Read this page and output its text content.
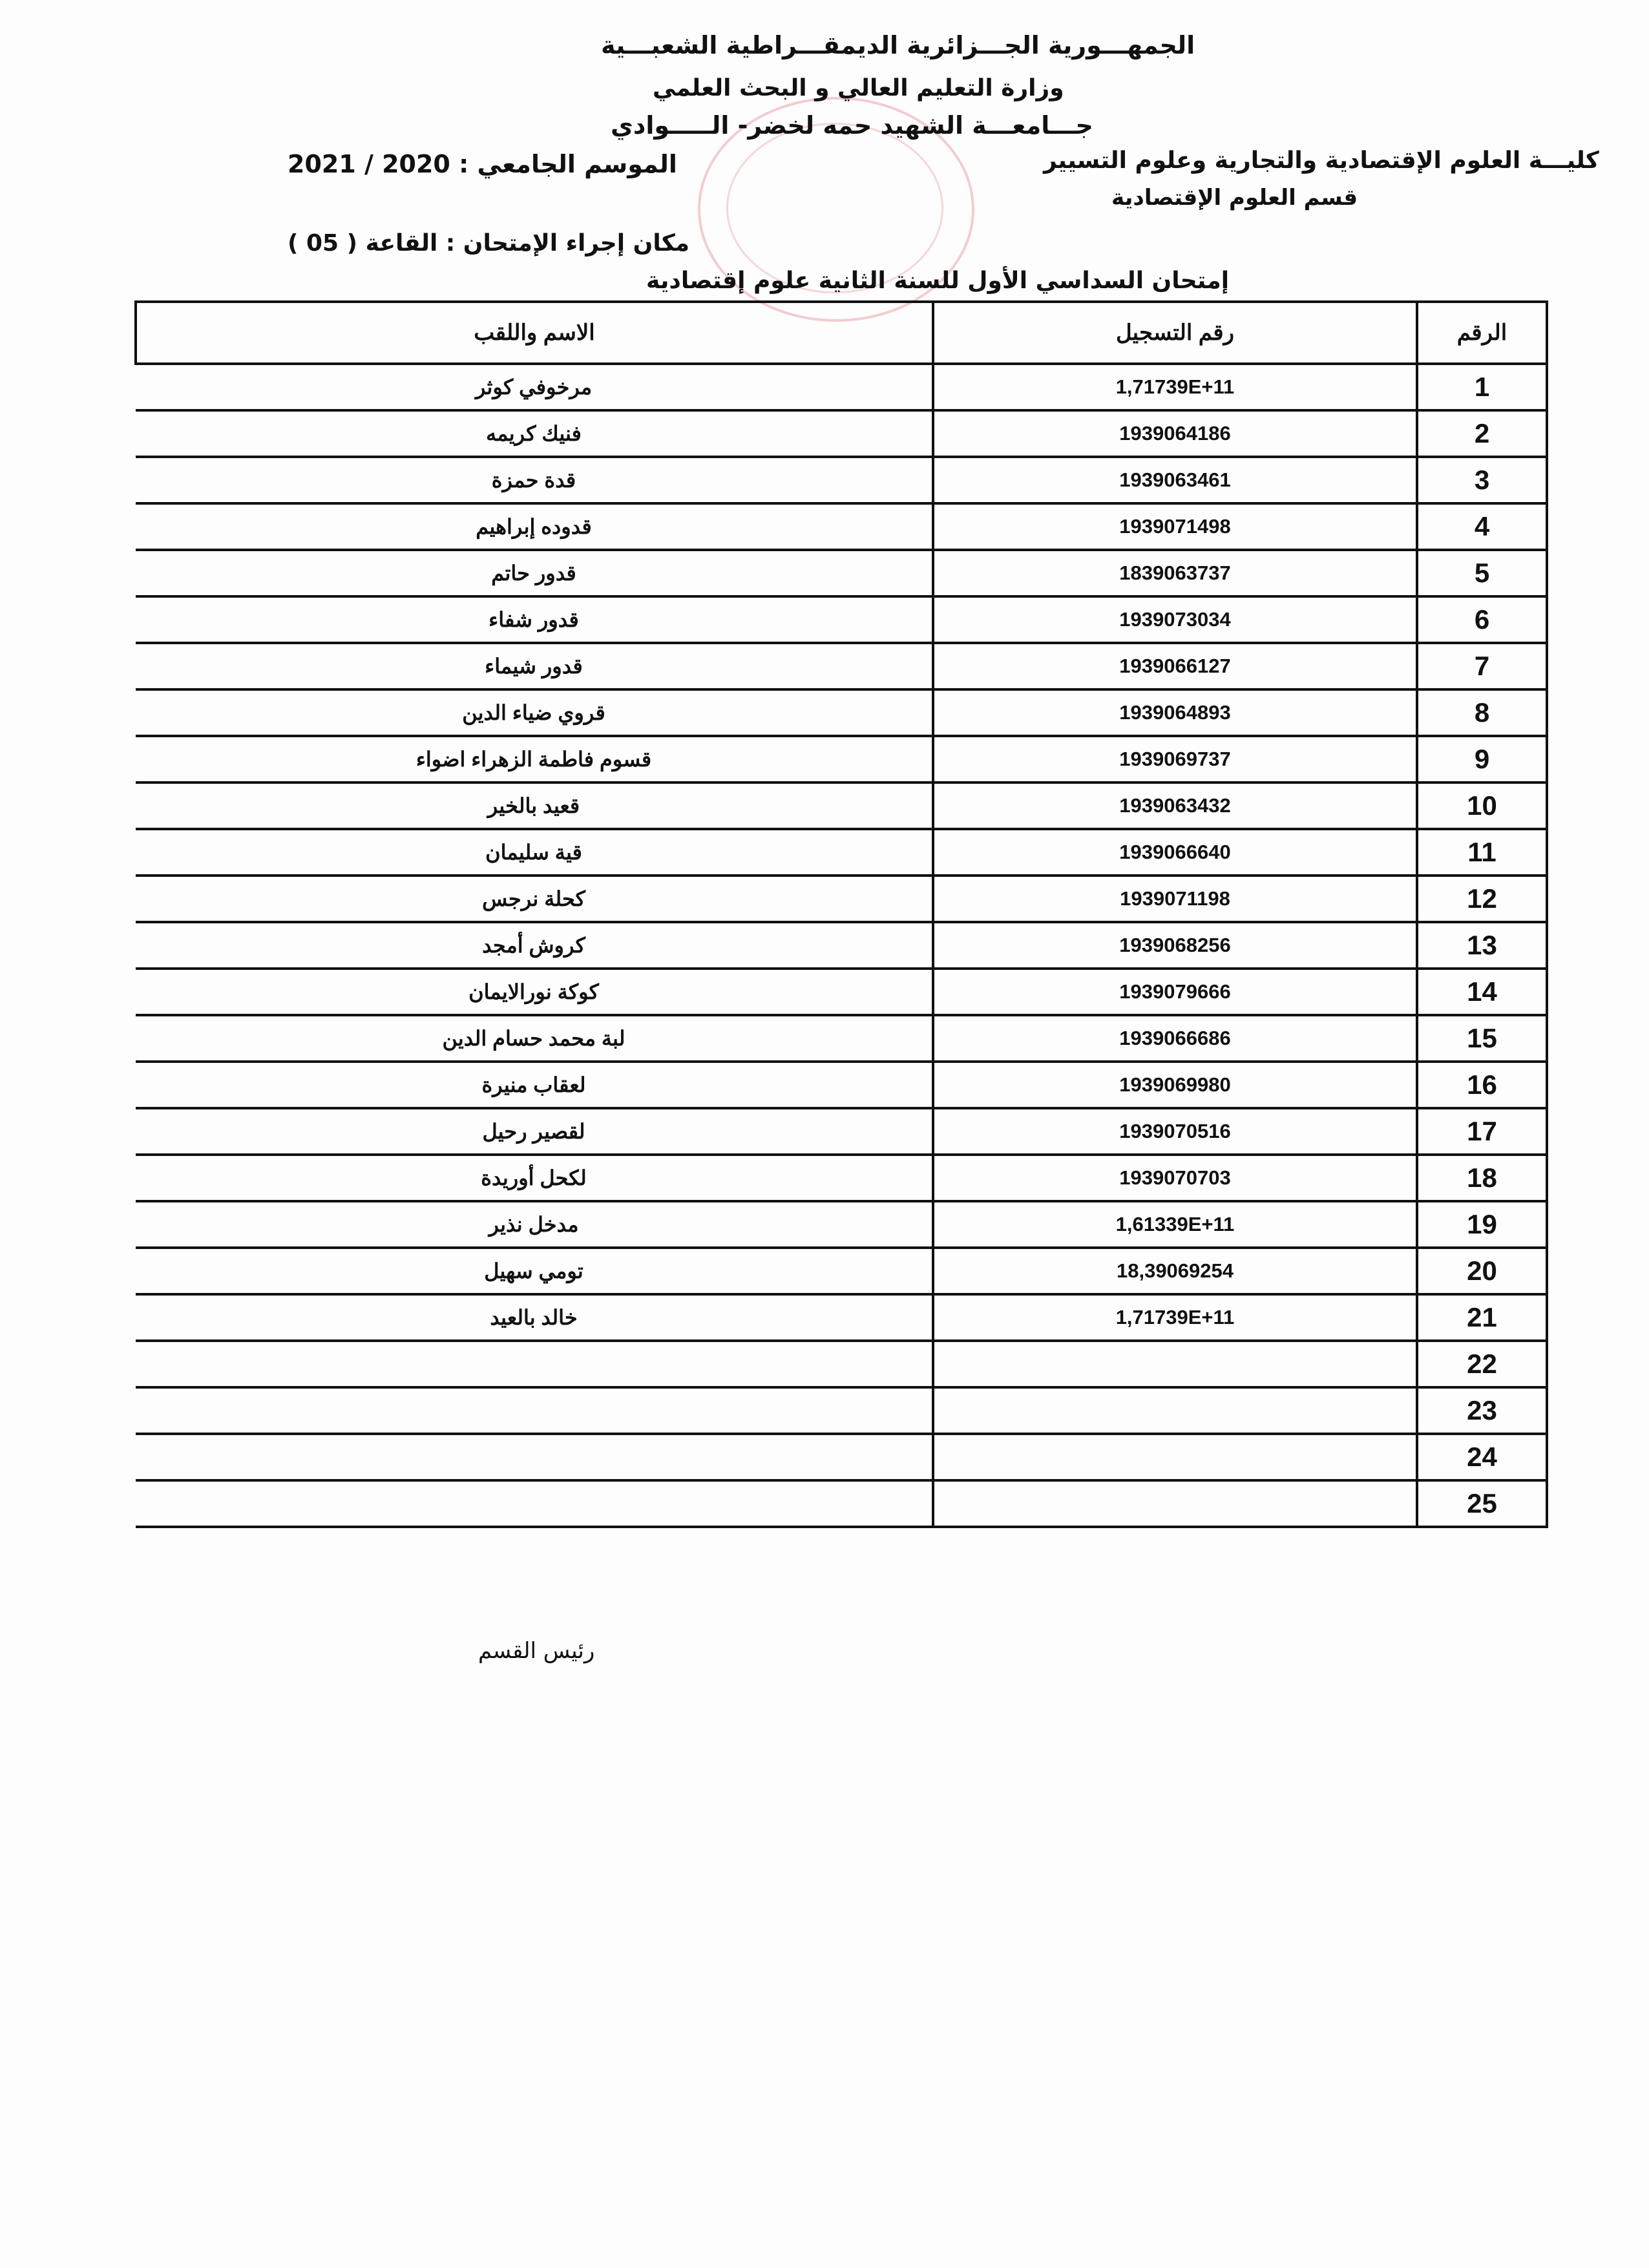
الجمهـــورية الجـــزائرية الديمقـــراطية الشعبـــية
وزارة التعليم العالي و البحث العلمي
جـــامعـــة الشهيد حمه لخضر- الـــــوادي
كليـــة العلوم الإقتصادية والتجارية وعلوم التسيير
قسم العلوم الإقتصادية
الموسم الجامعي : 2020 / 2021
مكان إجراء الإمتحان : القاعة ( 05 )
إمتحان السداسي الأول للسنة الثانية علوم إقتصادية
الاسم واللقب	رقم التسجيل	الرقم
مرخوفي كوثر	1,71739E+11	1
فنيك كريمه	1939064186	2
قدة حمزة	1939063461	3
قدوده إبراهيم	1939071498	4
قدور حاتم	1839063737	5
قدور شفاء	1939073034	6
قدور شيماء	1939066127	7
قروي ضياء الدين	1939064893	8
قسوم فاطمة الزهراء اضواء	1939069737	9
قعيد بالخير	1939063432	10
قية سليمان	1939066640	11
كحلة نرجس	1939071198	12
كروش أمجد	1939068256	13
كوكة نورالايمان	1939079666	14
لبة محمد حسام الدين	1939066686	15
لعقاب منيرة	1939069980	16
لقصير رحيل	1939070516	17
لكحل أوريدة	1939070703	18
مدخل نذير	1,61339E+11	19
تومي سهيل	18,39069254	20
خالد بالعيد	1,71739E+11	21
		22
		23
		24
		25
رئيس القسم
